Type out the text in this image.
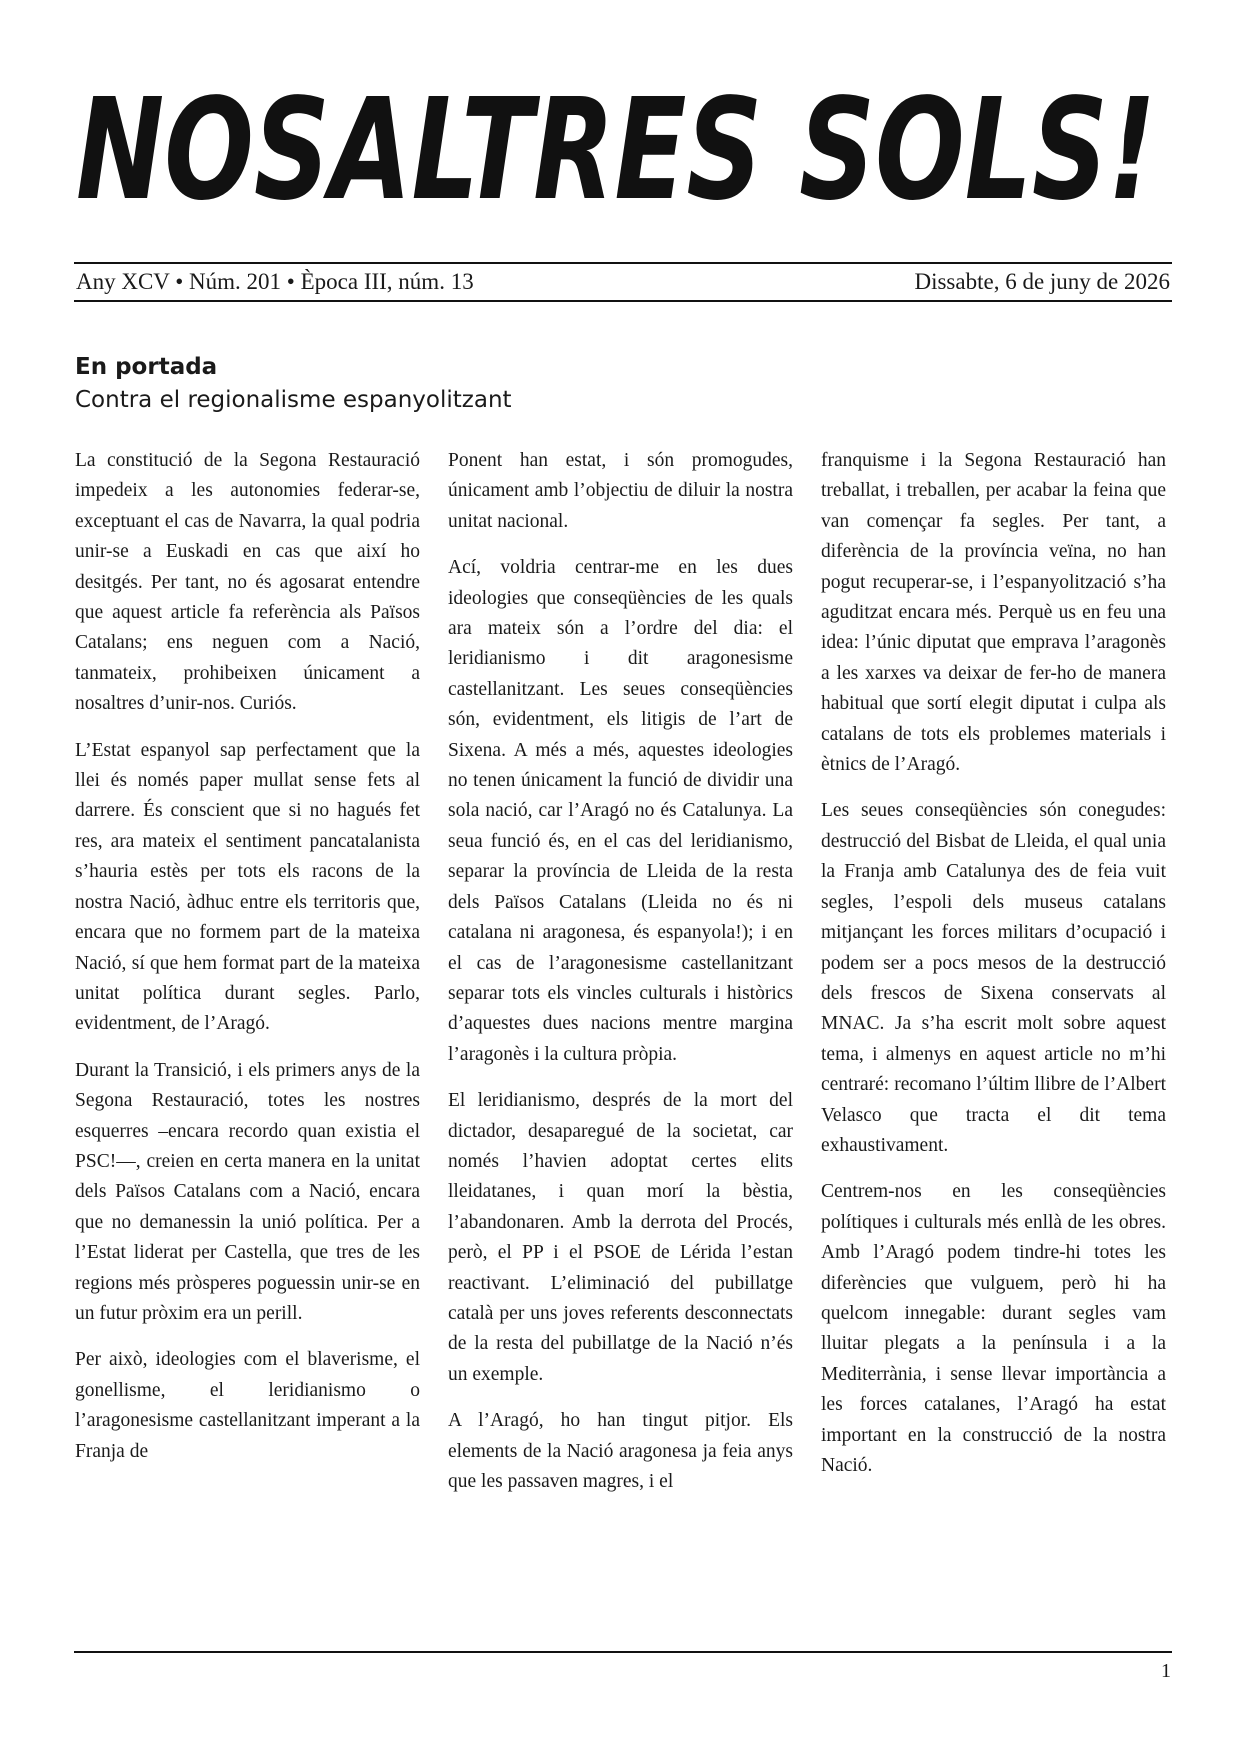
NOSALTRES SOLS!
Any XCV • Núm. 201 • Època III, núm. 13	Dissabte, 6 de juny de 2026
En portada
Contra el regionalisme espanyolitzant

La constitució de la Segona Restauració impedeix a les autonomies federar-se, exceptuant el cas de Navarra, la qual podria unir-se a Euskadi en cas que així ho desitgés. Per tant, no és agosarat entendre que aquest article fa referència als Països Catalans; ens neguen com a Nació, tanmateix, prohibeixen únicament a nosaltres d’unir-nos. Curiós.

L’Estat espanyol sap perfectament que la llei és només paper mullat sense fets al darrere. És conscient que si no hagués fet res, ara mateix el sentiment pancatalanista s’hauria estès per tots els racons de la nostra Nació, àdhuc entre els territoris que, encara que no formem part de la mateixa Nació, sí que hem format part de la mateixa unitat política durant segles. Parlo, evidentment, de l’Aragó.

Durant la Transició, i els primers anys de la Segona Restauració, totes les nostres esquerres –encara recordo quan existia el PSC!—, creien en certa manera en la unitat dels Països Catalans com a Nació, encara que no demanessin la unió política. Per a l’Estat liderat per Castella, que tres de les regions més pròsperes poguessin unir-se en un futur pròxim era un perill.

Per això, ideologies com el blaverisme, el gonellisme, el leridianismo o l’aragonesisme castellanitzant imperant a la Franja de

Ponent han estat, i són promogudes, únicament amb l’objectiu de diluir la nostra unitat nacional.

Ací, voldria centrar-me en les dues ideologies que conseqüències de les quals ara mateix són a l’ordre del dia: el leridianismo i dit aragonesisme castellanitzant. Les seues conseqüències són, evidentment, els litigis de l’art de Sixena. A més a més, aquestes ideologies no tenen únicament la funció de dividir una sola nació, car l’Aragó no és Catalunya. La seua funció és, en el cas del leridianismo, separar la província de Lleida de la resta dels Països Catalans (Lleida no és ni catalana ni aragonesa, és espanyola!); i en el cas de l’aragonesisme castellanitzant separar tots els vincles culturals i històrics d’aquestes dues nacions mentre margina l’aragonès i la cultura pròpia.

El leridianismo, després de la mort del dictador, desaparegué de la societat, car només l’havien adoptat certes elits lleidatanes, i quan morí la bèstia, l’abandonaren. Amb la derrota del Procés, però, el PP i el PSOE de Lérida l’estan reactivant. L’eliminació del pubillatge català per uns joves referents desconnectats de la resta del pubillatge de la Nació n’és un exemple.

A l’Aragó, ho han tingut pitjor. Els elements de la Nació aragonesa ja feia anys que les passaven magres, i el

franquisme i la Segona Restauració han treballat, i treballen, per acabar la feina que van començar fa segles. Per tant, a diferència de la província veïna, no han pogut recuperar-se, i l’espanyolització s’ha aguditzat encara més. Perquè us en feu una idea: l’únic diputat que emprava l’aragonès a les xarxes va deixar de fer-ho de manera habitual que sortí elegit diputat i culpa als catalans de tots els problemes materials i ètnics de l’Aragó.

Les seues conseqüències són conegudes: destrucció del Bisbat de Lleida, el qual unia la Franja amb Catalunya des de feia vuit segles, l’espoli dels museus catalans mitjançant les forces militars d’ocupació i podem ser a pocs mesos de la destrucció dels frescos de Sixena conservats al MNAC. Ja s’ha escrit molt sobre aquest tema, i almenys en aquest article no m’hi centraré: recomano l’últim llibre de l’Albert Velasco que tracta el dit tema exhaustivament.

Centrem-nos en les conseqüències polítiques i culturals més enllà de les obres. Amb l’Aragó podem tindre-hi totes les diferències que vulguem, però hi ha quelcom innegable: durant segles vam lluitar plegats a la península i a la Mediterrània, i sense llevar importància a les forces catalanes, l’Aragó ha estat important en la construcció de la nostra Nació.

1
